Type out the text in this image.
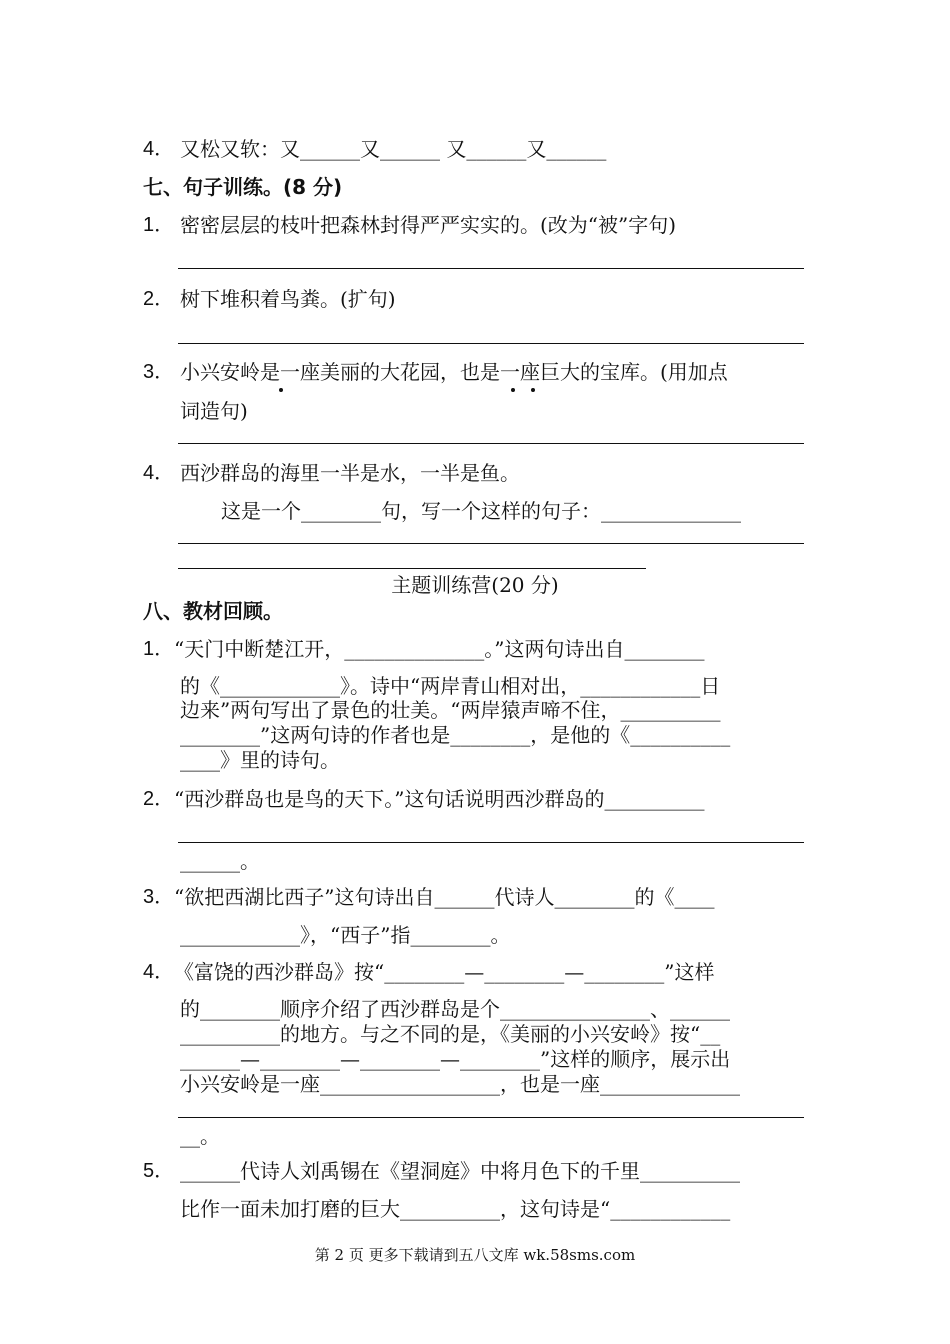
4． 又松又软：又______又______ 又______又______
七、句子训练。(8 分)
1． 密密层层的枝叶把森林封得严严实实的。(改为“被”字句)
2． 树下堆积着鸟粪。(扩句)
3． 小兴安岭是一座美丽的大花园，也是一座巨大的宝库。(用加点
词造句)
4． 西沙群岛的海里一半是水，一半是鱼。
这是一个________句，写一个这样的句子：______________
主题训练营(20 分)
八、教材回顾。
1． “天门中断楚江开，______________。”这两句诗出自________
的《____________》。诗中“两岸青山相对出，____________日
边来”两句写出了景色的壮美。“两岸猿声啼不住，__________
________”这两句诗的作者也是________，是他的《__________
____》里的诗句。
2． “西沙群岛也是鸟的天下。”这句话说明西沙群岛的__________
______。
3． “欲把西湖比西子”这句诗出自______代诗人________的《____
____________》，“西子”指________。
4． 《富饶的西沙群岛》按“________—________—________”这样
的________顺序介绍了西沙群岛是个_______________、______
__________的地方。与之不同的是，《美丽的小兴安岭》按“__
______—________—________—________”这样的顺序，展示出
小兴安岭是一座__________________，也是一座______________
__。
5． ______代诗人刘禹锡在《望洞庭》中将月色下的千里__________
比作一面未加打磨的巨大__________，这句诗是“____________
第 2 页 更多下载请到五八文库 wk.58sms.com
